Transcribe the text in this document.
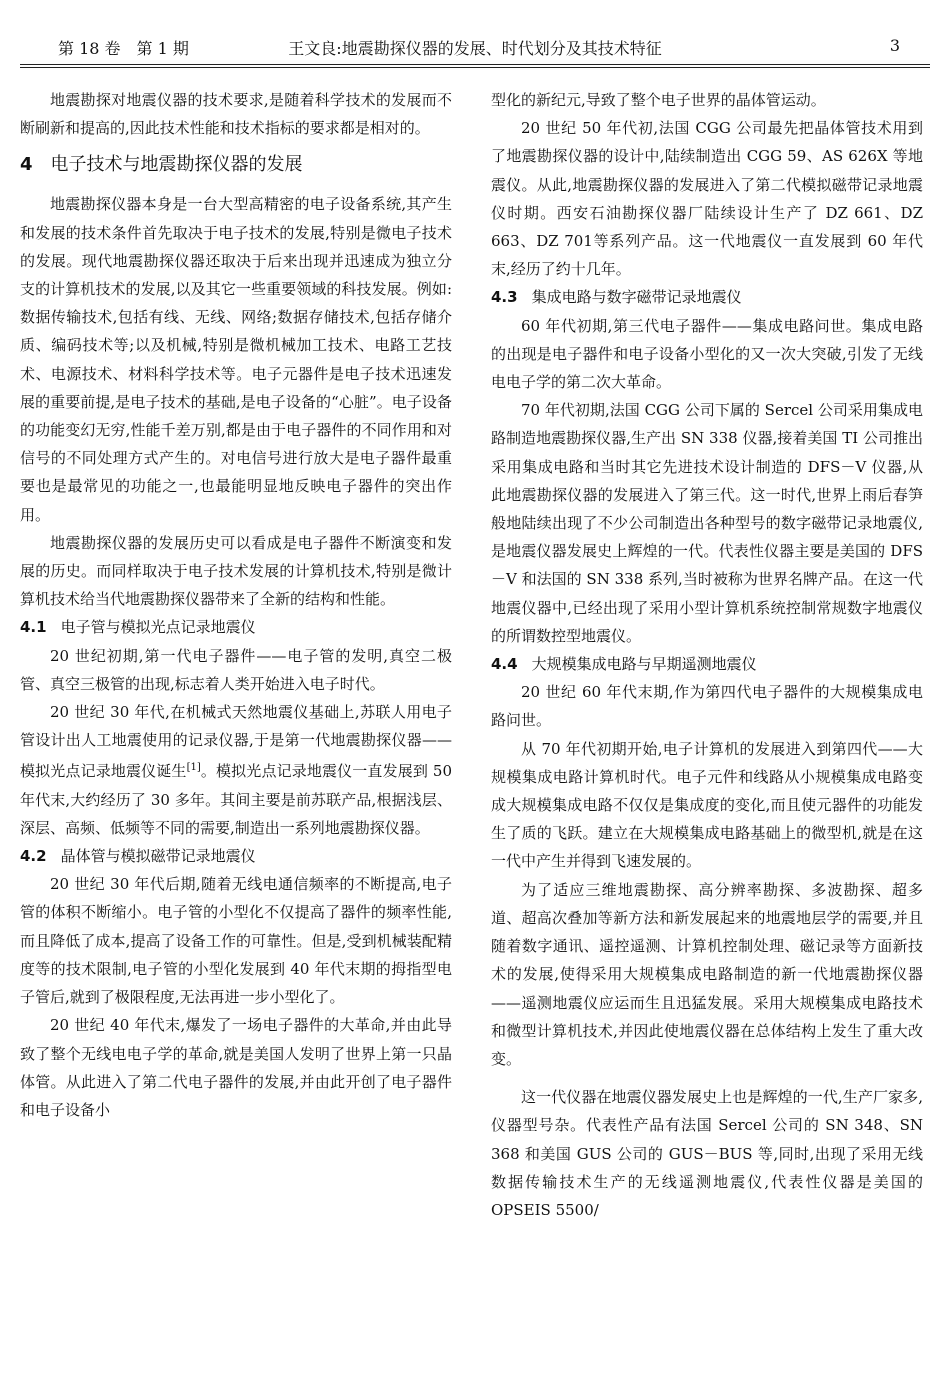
第 18 卷　第 1 期	王文良:地震勘探仪器的发展、时代划分及其技术特征	3

地震勘探对地震仪器的技术要求,是随着科学技术的发展而不断刷新和提高的,因此技术性能和技术指标的要求都是相对的。

4 电子技术与地震勘探仪器的发展

地震勘探仪器本身是一台大型高精密的电子设备系统,其产生和发展的技术条件首先取决于电子技术的发展,特别是微电子技术的发展。现代地震勘探仪器还取决于后来出现并迅速成为独立分支的计算机技术的发展,以及其它一些重要领域的科技发展。例如:数据传输技术,包括有线、无线、网络;数据存储技术,包括存储介质、编码技术等;以及机械,特别是微机械加工技术、电路工艺技术、电源技术、材料科学技术等。电子元器件是电子技术迅速发展的重要前提,是电子技术的基础,是电子设备的“心脏”。电子设备的功能变幻无穷,性能千差万别,都是由于电子器件的不同作用和对信号的不同处理方式产生的。对电信号进行放大是电子器件最重要也是最常见的功能之一,也最能明显地反映电子器件的突出作用。

地震勘探仪器的发展历史可以看成是电子器件不断演变和发展的历史。而同样取决于电子技术发展的计算机技术,特别是微计算机技术给当代地震勘探仪器带来了全新的结构和性能。

4.1 电子管与模拟光点记录地震仪

20 世纪初期,第一代电子器件——电子管的发明,真空二极管、真空三极管的出现,标志着人类开始进入电子时代。

20 世纪 30 年代,在机械式天然地震仪基础上,苏联人用电子管设计出人工地震使用的记录仪器,于是第一代地震勘探仪器——模拟光点记录地震仪诞生[1]。模拟光点记录地震仪一直发展到 50 年代末,大约经历了 30 多年。其间主要是前苏联产品,根据浅层、深层、高频、低频等不同的需要,制造出一系列地震勘探仪器。

4.2 晶体管与模拟磁带记录地震仪

20 世纪 30 年代后期,随着无线电通信频率的不断提高,电子管的体积不断缩小。电子管的小型化不仅提高了器件的频率性能,而且降低了成本,提高了设备工作的可靠性。但是,受到机械装配精度等的技术限制,电子管的小型化发展到 40 年代末期的拇指型电子管后,就到了极限程度,无法再进一步小型化了。

20 世纪 40 年代末,爆发了一场电子器件的大革命,并由此导致了整个无线电电子学的革命,就是美国人发明了世界上第一只晶体管。从此进入了第二代电子器件的发展,并由此开创了电子器件和电子设备小

型化的新纪元,导致了整个电子世界的晶体管运动。

20 世纪 50 年代初,法国 CGG 公司最先把晶体管技术用到了地震勘探仪器的设计中,陆续制造出 CGG 59、AS 626X 等地震仪。从此,地震勘探仪器的发展进入了第二代模拟磁带记录地震仪时期。西安石油勘探仪器厂陆续设计生产了 DZ 661、DZ 663、DZ 701等系列产品。这一代地震仪一直发展到 60 年代末,经历了约十几年。

4.3 集成电路与数字磁带记录地震仪

60 年代初期,第三代电子器件——集成电路问世。集成电路的出现是电子器件和电子设备小型化的又一次大突破,引发了无线电电子学的第二次大革命。

70 年代初期,法国 CGG 公司下属的 Sercel 公司采用集成电路制造地震勘探仪器,生产出 SN 338 仪器,接着美国 TI 公司推出采用集成电路和当时其它先进技术设计制造的 DFS－V 仪器,从此地震勘探仪器的发展进入了第三代。这一时代,世界上雨后春笋般地陆续出现了不少公司制造出各种型号的数字磁带记录地震仪,是地震仪器发展史上辉煌的一代。代表性仪器主要是美国的 DFS－V 和法国的 SN 338 系列,当时被称为世界名牌产品。在这一代地震仪器中,已经出现了采用小型计算机系统控制常规数字地震仪的所谓数控型地震仪。

4.4 大规模集成电路与早期遥测地震仪

20 世纪 60 年代末期,作为第四代电子器件的大规模集成电路问世。

从 70 年代初期开始,电子计算机的发展进入到第四代——大规模集成电路计算机时代。电子元件和线路从小规模集成电路变成大规模集成电路不仅仅是集成度的变化,而且使元器件的功能发生了质的飞跃。建立在大规模集成电路基础上的微型机,就是在这一代中产生并得到飞速发展的。

为了适应三维地震勘探、高分辨率勘探、多波勘探、超多道、超高次叠加等新方法和新发展起来的地震地层学的需要,并且随着数字通讯、遥控遥测、计算机控制处理、磁记录等方面新技术的发展,使得采用大规模集成电路制造的新一代地震勘探仪器——遥测地震仪应运而生且迅猛发展。采用大规模集成电路技术和微型计算机技术,并因此使地震仪器在总体结构上发生了重大改变。

这一代仪器在地震仪器发展史上也是辉煌的一代,生产厂家多,仪器型号杂。代表性产品有法国 Sercel 公司的 SN 348、SN 368 和美国 GUS 公司的 GUS－BUS 等,同时,出现了采用无线数据传输技术生产的无线遥测地震仪,代表性仪器是美国的 OPSEIS 5500/
